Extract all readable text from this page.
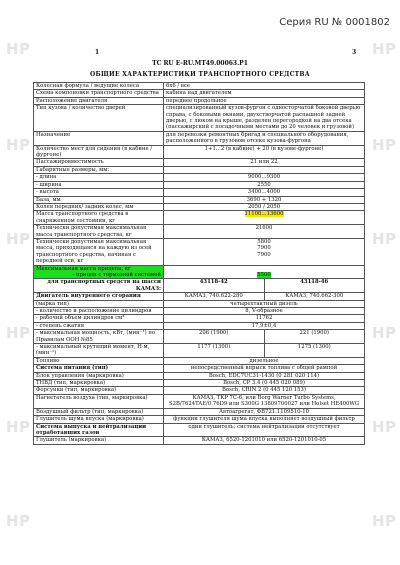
Серия RU № 0001802
HP
HP
HP
HP
HP
HP
HP
HP
HP
HP
HP
HP
1	3
TC RU E-RU.MT49.00063.P1
ОБЩИЕ ХАРАКТЕРИСТИКИ ТРАНСПОРТНОГО СРЕДСТВА
Колесная формула / ведущие колеса	6x6 / все	
Схема компоновки транспортного средства	кабина над двигателем	
Расположение двигателя	переднее продольное	
Тип кузова / количество дверей	специализированный кузов-фургон с односторчатой боковой дверью справа, с боковыми окнами, двухстворчатой распашной задней дверью, с люком на крыше, разделен перегородкой на два отсека (пассажирский с посадочными местами до 20 человек и грузовой)	
Назначение	для перевозки ремонтных бригад и специального оборудования, расположенного в грузовом отсеке кузова-фургона	
Количество мест для сидения (в кабине / фургоне)	1+1...2 (в кабине) + 20 (в кузове-фургоне)	
Пассажировместимость	21 или 22	
Габаритные размеры, мм:		
- длина	9000…9300	
- ширина	2550	
- высота	3400…4000	
База, мм	3690 + 1320	
Колея передних/ задних колес, мм	2050 / 2050	
Масса транспортного средства в снаряженном состоянии, кг	11100…13600	
Технически допустимая максимальная масса транспортного средства, кг	21600	
Технически допустимая максимальная масса, приходящаяся на каждую из осей транспортного средства, начиная с передней оси, кг	5800
7900
7900	

Максимальная масса прицепа, кг
- прицеп с тормозной системой	5500	
для транспортных средств на шасси КАМАЗ:	43118-42	43118-46
Двигатель внутреннего сгорания	КАМАЗ, 740.622-280	КАМАЗ, 740.662-300
(марка тип)	четырехтактный дизель	
- количество и расположение цилиндров	8, V-образное	
- рабочий объем цилиндров см³	11762	
- степень сжатия	17,9±0,4	
- максимальная мощность, кВт, (мин⁻¹) по Правилам ООН №85	206 (1900)	221 (1900)
- максимальный крутящий момент, Н·м, (мин⁻¹)	1177 (1300)	1275 (1300)
Топливо	дизельное	
Система питания (тип)	непосредственный впрыск топлива с общей рампой	
Блок управления (маркировка)	Bosch, EDC7UC31-1430 (0 281 020 114)	
ТНВД (тип, маркировка)	Bosch, CP 3.4 (0 445 020 089)	
Форсунки (тип, маркировка)	Bosch, CRIN 2 (0 445 120 153)	
Нагнетатель воздуха (тип, маркировка)	КАМАЗ, ТКР 7С-6, или Borg Warner Turbo Systems, S2B/7624TAE/0.76D9 или S300G 13809700027 или Holset HE400WG	
Воздушный фильтр (тип, маркировка)	Автоагрегат, ФВ721.1109510-10	
Глушитель шума впуска (маркировка)	функции глушителя шума впуска выполняет воздушный фильтр	
Система выпуска и нейтрализации отработавших газов	один глушитель; система нейтрализации отсутствует	
Глушитель (маркировка)	КАМАЗ, 6520-1201010 или 6520-1201010-05	
